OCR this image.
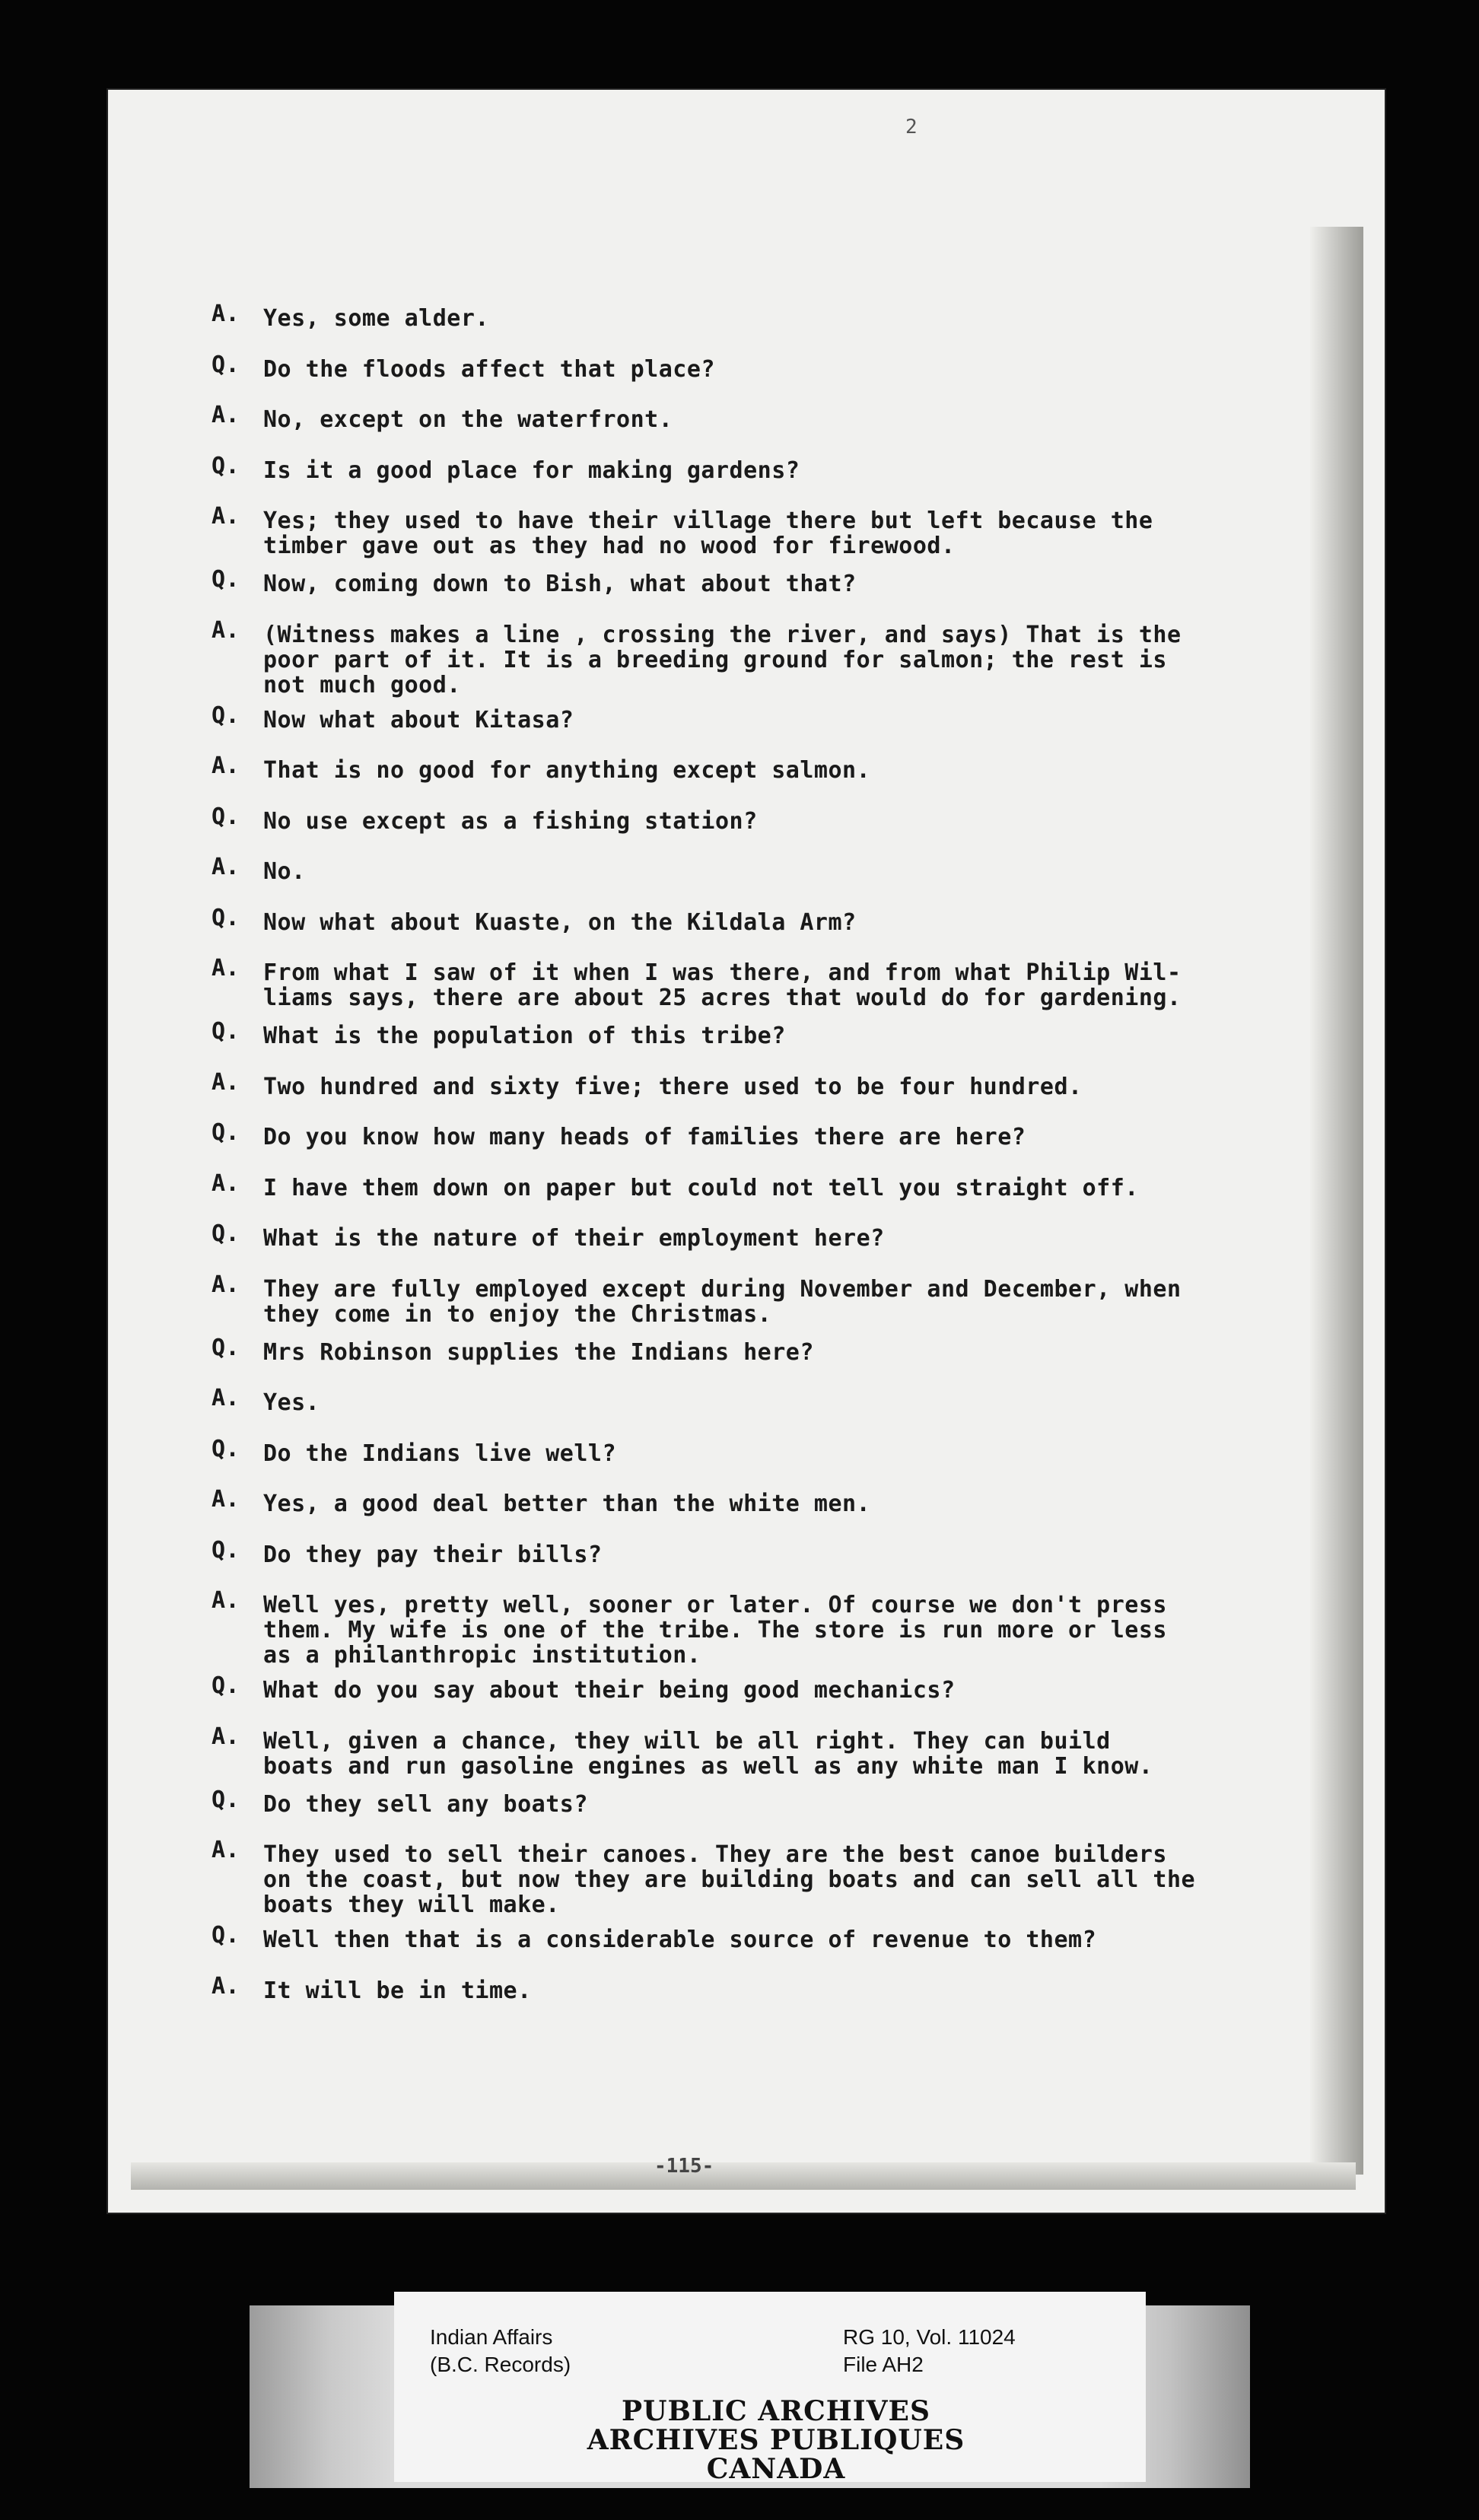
2
A.	Yes, some alder.
Q.	Do the floods affect that place?
A.	No, except on the waterfront.
Q.	Is it a good place for making gardens?
A.	Yes; they used to have their village there but left because the
timber gave out as they had no wood for firewood.
Q.	Now, coming down to Bish, what about that?
A.	(Witness makes a line , crossing the river, and says) That is the
poor part of it. It is a breeding ground for salmon; the rest is
not much good.
Q.	Now what about Kitasa?
A.	That is no good for anything except salmon.
Q.	No use except as a fishing station?
A.	No.
Q.	Now what about Kuaste, on the Kildala Arm?
A.	From what I saw of it when I was there, and from what Philip Wil-
liams says, there are about 25 acres that would do for gardening.
Q.	What is the population of this tribe?
A.	Two hundred and sixty five; there used to be four hundred.
Q.	Do you know how many heads of families there are here?
A.	I have them down on paper but could not tell you straight off.
Q.	What is the nature of their employment here?
A.	They are fully employed except during November and December, when
they come in to enjoy the Christmas.
Q.	Mrs Robinson supplies the Indians here?
A.	Yes.
Q.	Do the Indians live well?
A.	Yes, a good deal better than the white men.
Q.	Do they pay their bills?
A.	Well yes, pretty well, sooner or later. Of course we don't press
them. My wife is one of the tribe. The store is run more or less
as a philanthropic institution.
Q.	What do you say about their being good mechanics?
A.	Well, given a chance, they will be all right. They can build
boats and run gasoline engines as well as any white man I know.
Q.	Do they sell any boats?
A.	They used to sell their canoes. They are the best canoe builders
on the coast, but now they are building boats and can sell all the
boats they will make.
Q.	Well then that is a considerable source of revenue to them?
A.	It will be in time.
-115-
Indian Affairs
(B.C. Records)
RG 10, Vol. 11024
File AH2
PUBLIC ARCHIVES
ARCHIVES PUBLIQUES
CANADA
